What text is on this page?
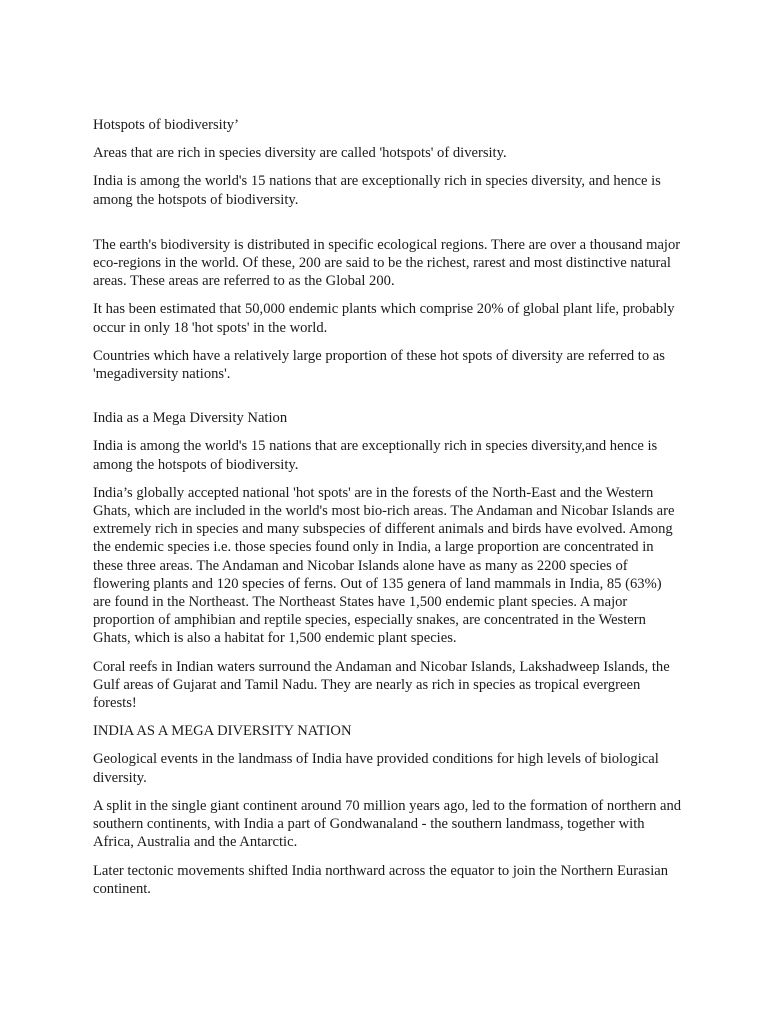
Hotspots of biodiversity’

Areas that are rich in species diversity are called 'hotspots' of diversity.

India is among the world's 15 nations that are exceptionally rich in species diversity, and hence is among the hotspots of biodiversity.

The earth's biodiversity is distributed in specific ecological regions. There are over a thousand major eco-regions in the world. Of these, 200 are said to be the richest, rarest and most distinctive natural areas. These areas are referred to as the Global 200.

It has been estimated that 50,000 endemic plants which comprise 20% of global plant life, probably occur in only 18 'hot spots' in the world.

Countries which have a relatively large proportion of these hot spots of diversity are referred to as 'megadiversity nations'.

India as a Mega Diversity Nation

India is among the world's 15 nations that are exceptionally rich in species diversity,and hence is among the hotspots of biodiversity.

India’s globally accepted national 'hot spots' are in the forests of the North-East and the Western Ghats, which are included in the world's most bio-rich areas. The Andaman and Nicobar Islands are extremely rich in species and many subspecies of different animals and birds have evolved. Among the endemic species i.e. those species found only in India, a large proportion are concentrated in these three areas. The Andaman and Nicobar Islands alone have as many as 2200 species of flowering plants and 120 species of ferns. Out of 135 genera of land mammals in India, 85 (63%) are found in the Northeast. The Northeast States have 1,500 endemic plant species. A major proportion of amphibian and reptile species, especially snakes, are concentrated in the Western Ghats, which is also a habitat for 1,500 endemic plant species.

Coral reefs in Indian waters surround the Andaman and Nicobar Islands, Lakshadweep Islands, the Gulf areas of Gujarat and Tamil Nadu. They are nearly as rich in species as tropical evergreen forests!

INDIA AS A MEGA DIVERSITY NATION

Geological events in the landmass of India have provided conditions for high levels of biological diversity.

A split in the single giant continent around 70 million years ago, led to the formation of northern and southern continents, with India a part of Gondwanaland - the southern landmass, together with Africa, Australia and the Antarctic.

Later tectonic movements shifted India northward across the equator to join the Northern Eurasian continent.
